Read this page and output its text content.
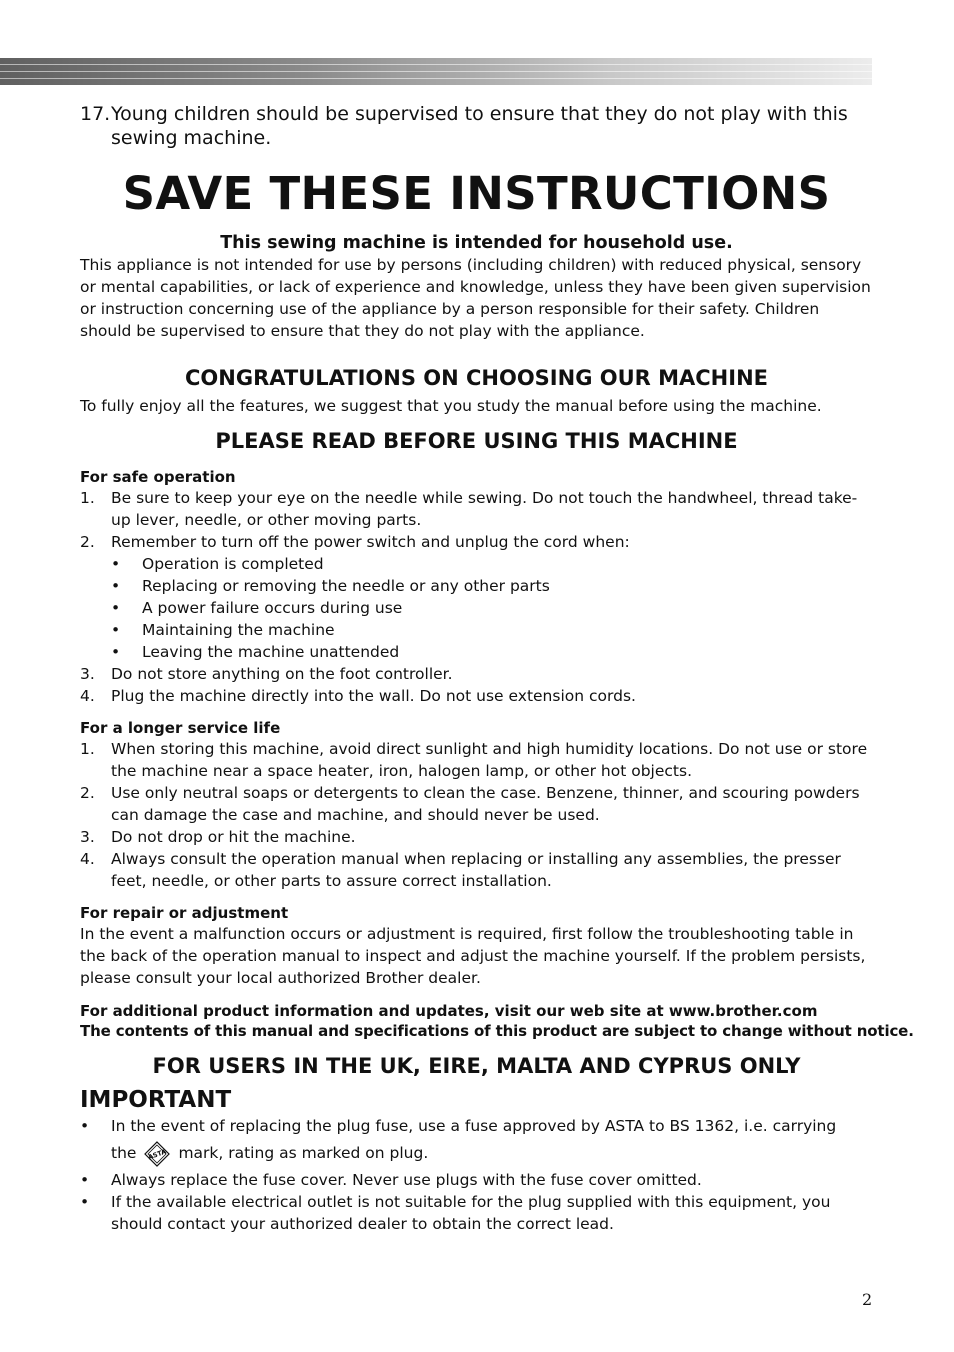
17. Young children should be supervised to ensure that they do not play with this
sewing machine.
SAVE THESE INSTRUCTIONS

This sewing machine is intended for household use.

This appliance is not intended for use by persons (including children) with reduced physical, sensory or mental capabilities, or lack of experience and knowledge, unless they have been given supervision or instruction concerning use of the appliance by a person responsible for their safety. Children should be supervised to ensure that they do not play with the appliance.

CONGRATULATIONS ON CHOOSING OUR MACHINE

To fully enjoy all the features, we suggest that you study the manual before using the machine.

PLEASE READ BEFORE USING THIS MACHINE

For safe operation

1.	Be sure to keep your eye on the needle while sewing. Do not touch the handwheel, thread take-up lever, needle, or other moving parts.
2.	Remember to turn off the power switch and unplug the cord when:
•	Operation is completed
•	Replacing or removing the needle or any other parts
•	A power failure occurs during use
•	Maintaining the machine
•	Leaving the machine unattended
3.	Do not store anything on the foot controller.
4.	Plug the machine directly into the wall. Do not use extension cords.

For a longer service life

1.	When storing this machine, avoid direct sunlight and high humidity locations. Do not use or store the machine near a space heater, iron, halogen lamp, or other hot objects.
2.	Use only neutral soaps or detergents to clean the case. Benzene, thinner, and scouring powders can damage the case and machine, and should never be used.
3.	Do not drop or hit the machine.
4.	Always consult the operation manual when replacing or installing any assemblies, the presser feet, needle, or other parts to assure correct installation.

For repair or adjustment

In the event a malfunction occurs or adjustment is required, first follow the troubleshooting table in the back of the operation manual to inspect and adjust the machine yourself. If the problem persists, please consult your local authorized Brother dealer.

For additional product information and updates, visit our web site at www.brother.com

The contents of this manual and specifications of this product are subject to change without notice.

FOR USERS IN THE UK, EIRE, MALTA AND CYPRUS ONLY
IMPORTANT
•	In the event of replacing the plug fuse, use a fuse approved by ASTA to BS 1362, i.e. carrying
the ASTA mark, rating as marked on plug.
•	Always replace the fuse cover. Never use plugs with the fuse cover omitted.
•	If the available electrical outlet is not suitable for the plug supplied with this equipment, you should contact your authorized dealer to obtain the correct lead.
2
